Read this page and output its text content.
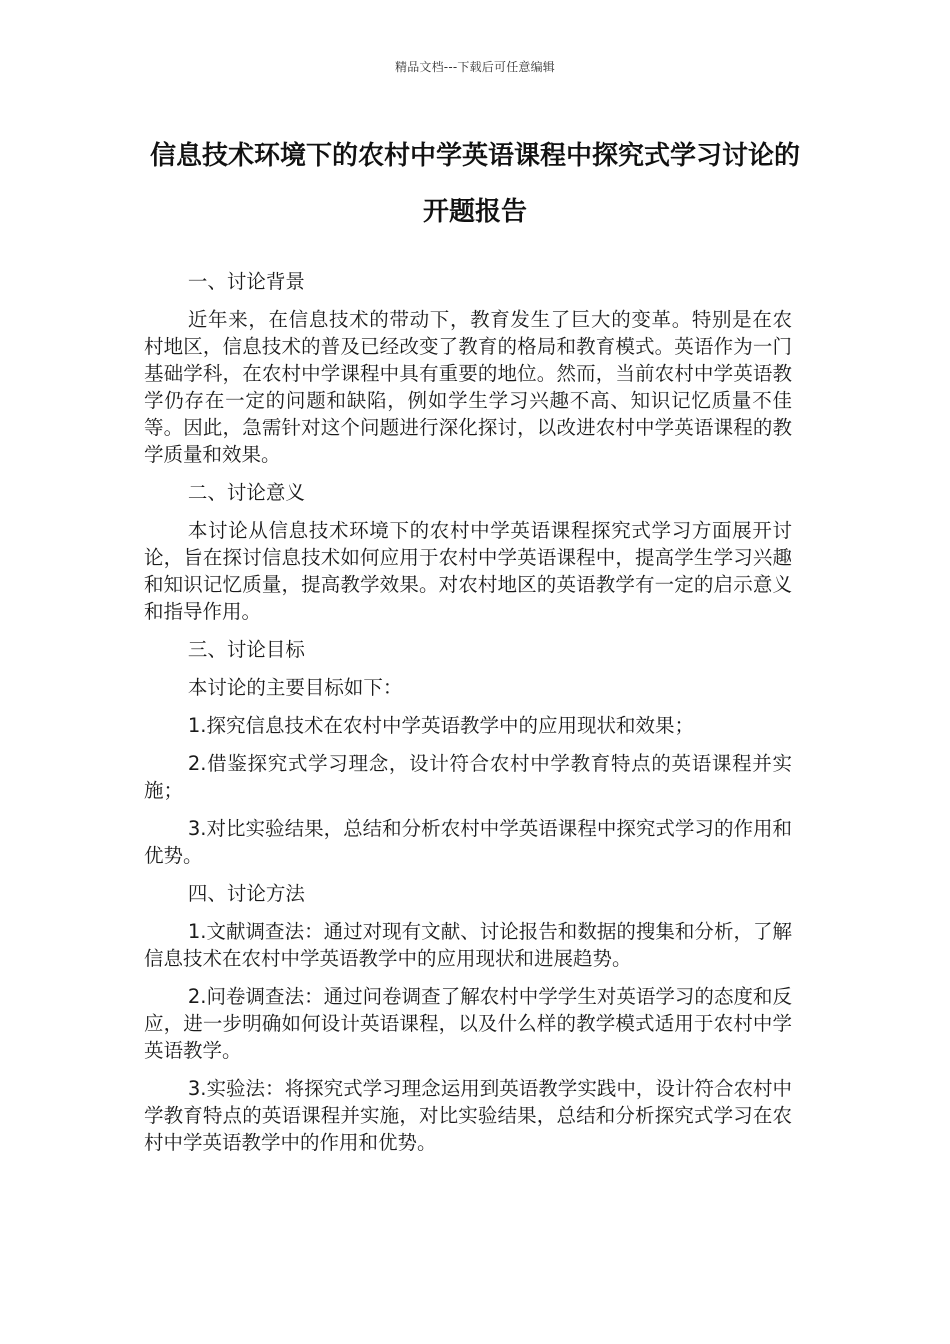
精品文档---下载后可任意编辑
信息技术环境下的农村中学英语课程中探究式学习讨论的开题报告

一、讨论背景

近年来，在信息技术的带动下，教育发生了巨大的变革。特别是在农村地区，信息技术的普及已经改变了教育的格局和教育模式。英语作为一门基础学科，在农村中学课程中具有重要的地位。然而，当前农村中学英语教学仍存在一定的问题和缺陷，例如学生学习兴趣不高、知识记忆质量不佳等。因此，急需针对这个问题进行深化探讨，以改进农村中学英语课程的教学质量和效果。

二、讨论意义

本讨论从信息技术环境下的农村中学英语课程探究式学习方面展开讨论，旨在探讨信息技术如何应用于农村中学英语课程中，提高学生学习兴趣和知识记忆质量，提高教学效果。对农村地区的英语教学有一定的启示意义和指导作用。

三、讨论目标

本讨论的主要目标如下：

1.探究信息技术在农村中学英语教学中的应用现状和效果；

2.借鉴探究式学习理念，设计符合农村中学教育特点的英语课程并实施；

3.对比实验结果，总结和分析农村中学英语课程中探究式学习的作用和优势。

四、讨论方法

1.文献调查法：通过对现有文献、讨论报告和数据的搜集和分析，了解信息技术在农村中学英语教学中的应用现状和进展趋势。

2.问卷调查法：通过问卷调查了解农村中学学生对英语学习的态度和反应，进一步明确如何设计英语课程，以及什么样的教学模式适用于农村中学英语教学。

3.实验法：将探究式学习理念运用到英语教学实践中，设计符合农村中学教育特点的英语课程并实施，对比实验结果，总结和分析探究式学习在农村中学英语教学中的作用和优势。
